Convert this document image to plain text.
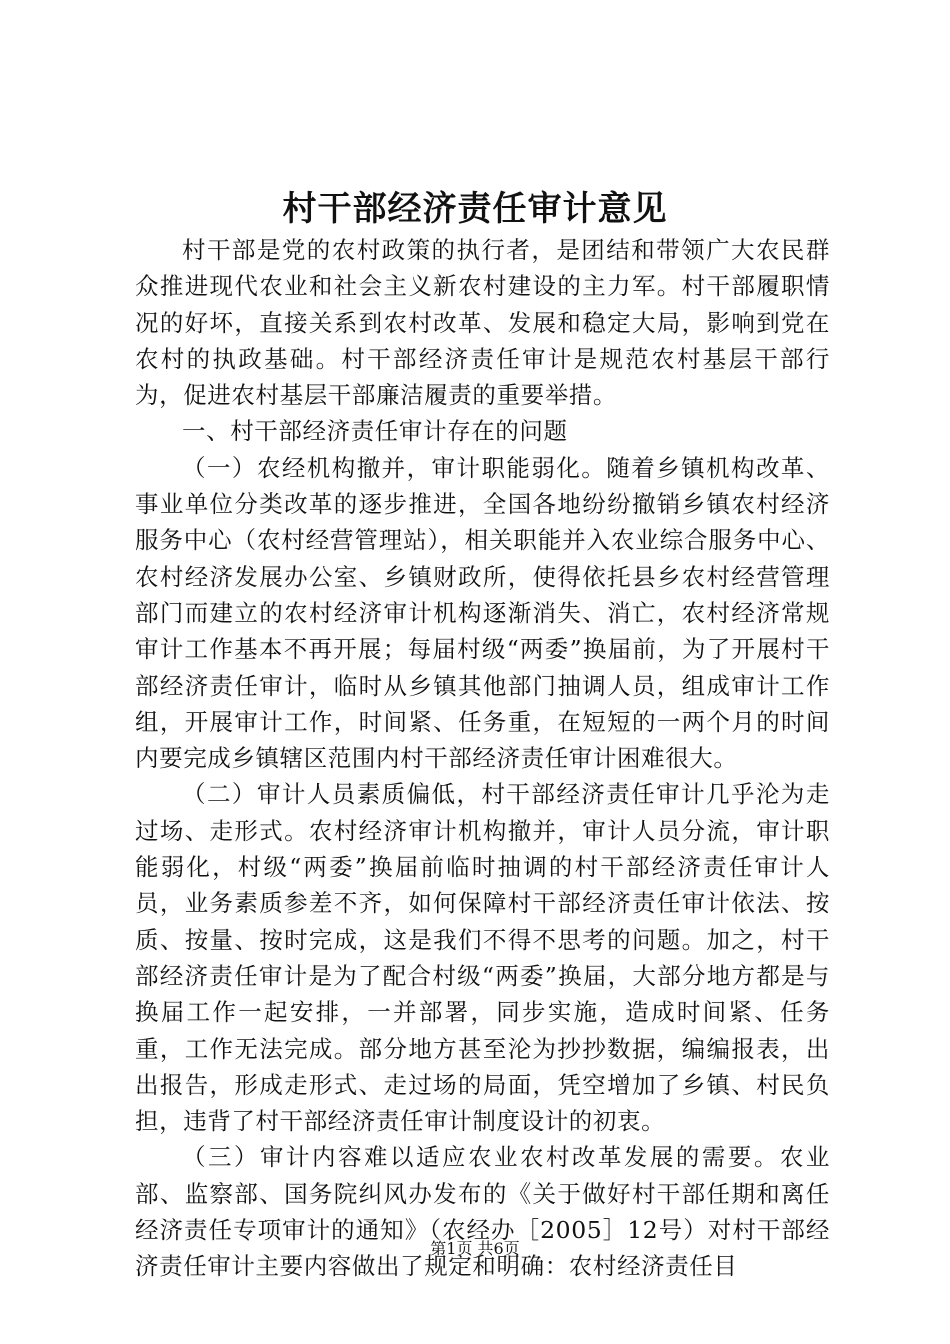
村干部经济责任审计意见

村干部是党的农村政策的执行者，是团结和带领广大农民群众推进现代农业和社会主义新农村建设的主力军。村干部履职情况的好坏，直接关系到农村改革、发展和稳定大局，影响到党在农村的执政基础。村干部经济责任审计是规范农村基层干部行为，促进农村基层干部廉洁履责的重要举措。

一、村干部经济责任审计存在的问题

（一）农经机构撤并，审计职能弱化。随着乡镇机构改革、事业单位分类改革的逐步推进，全国各地纷纷撤销乡镇农村经济服务中心（农村经营管理站），相关职能并入农业综合服务中心、农村经济发展办公室、乡镇财政所，使得依托县乡农村经营管理部门而建立的农村经济审计机构逐渐消失、消亡，农村经济常规审计工作基本不再开展；每届村级“两委”换届前，为了开展村干部经济责任审计，临时从乡镇其他部门抽调人员，组成审计工作组，开展审计工作，时间紧、任务重，在短短的一两个月的时间内要完成乡镇辖区范围内村干部经济责任审计困难很大。

（二）审计人员素质偏低，村干部经济责任审计几乎沦为走过场、走形式。农村经济审计机构撤并，审计人员分流，审计职能弱化，村级“两委”换届前临时抽调的村干部经济责任审计人员，业务素质参差不齐，如何保障村干部经济责任审计依法、按质、按量、按时完成，这是我们不得不思考的问题。加之，村干部经济责任审计是为了配合村级“两委”换届，大部分地方都是与换届工作一起安排，一并部署，同步实施，造成时间紧、任务重，工作无法完成。部分地方甚至沦为抄抄数据，编编报表，出出报告，形成走形式、走过场的局面，凭空增加了乡镇、村民负担，违背了村干部经济责任审计制度设计的初衷。

（三）审计内容难以适应农业农村改革发展的需要。农业部、监察部、国务院纠风办发布的《关于做好村干部任期和离任经济责任专项审计的通知》（农经办［2005］12号）对村干部经济责任审计主要内容做出了规定和明确：农村经济责任目

第1页 共6页
